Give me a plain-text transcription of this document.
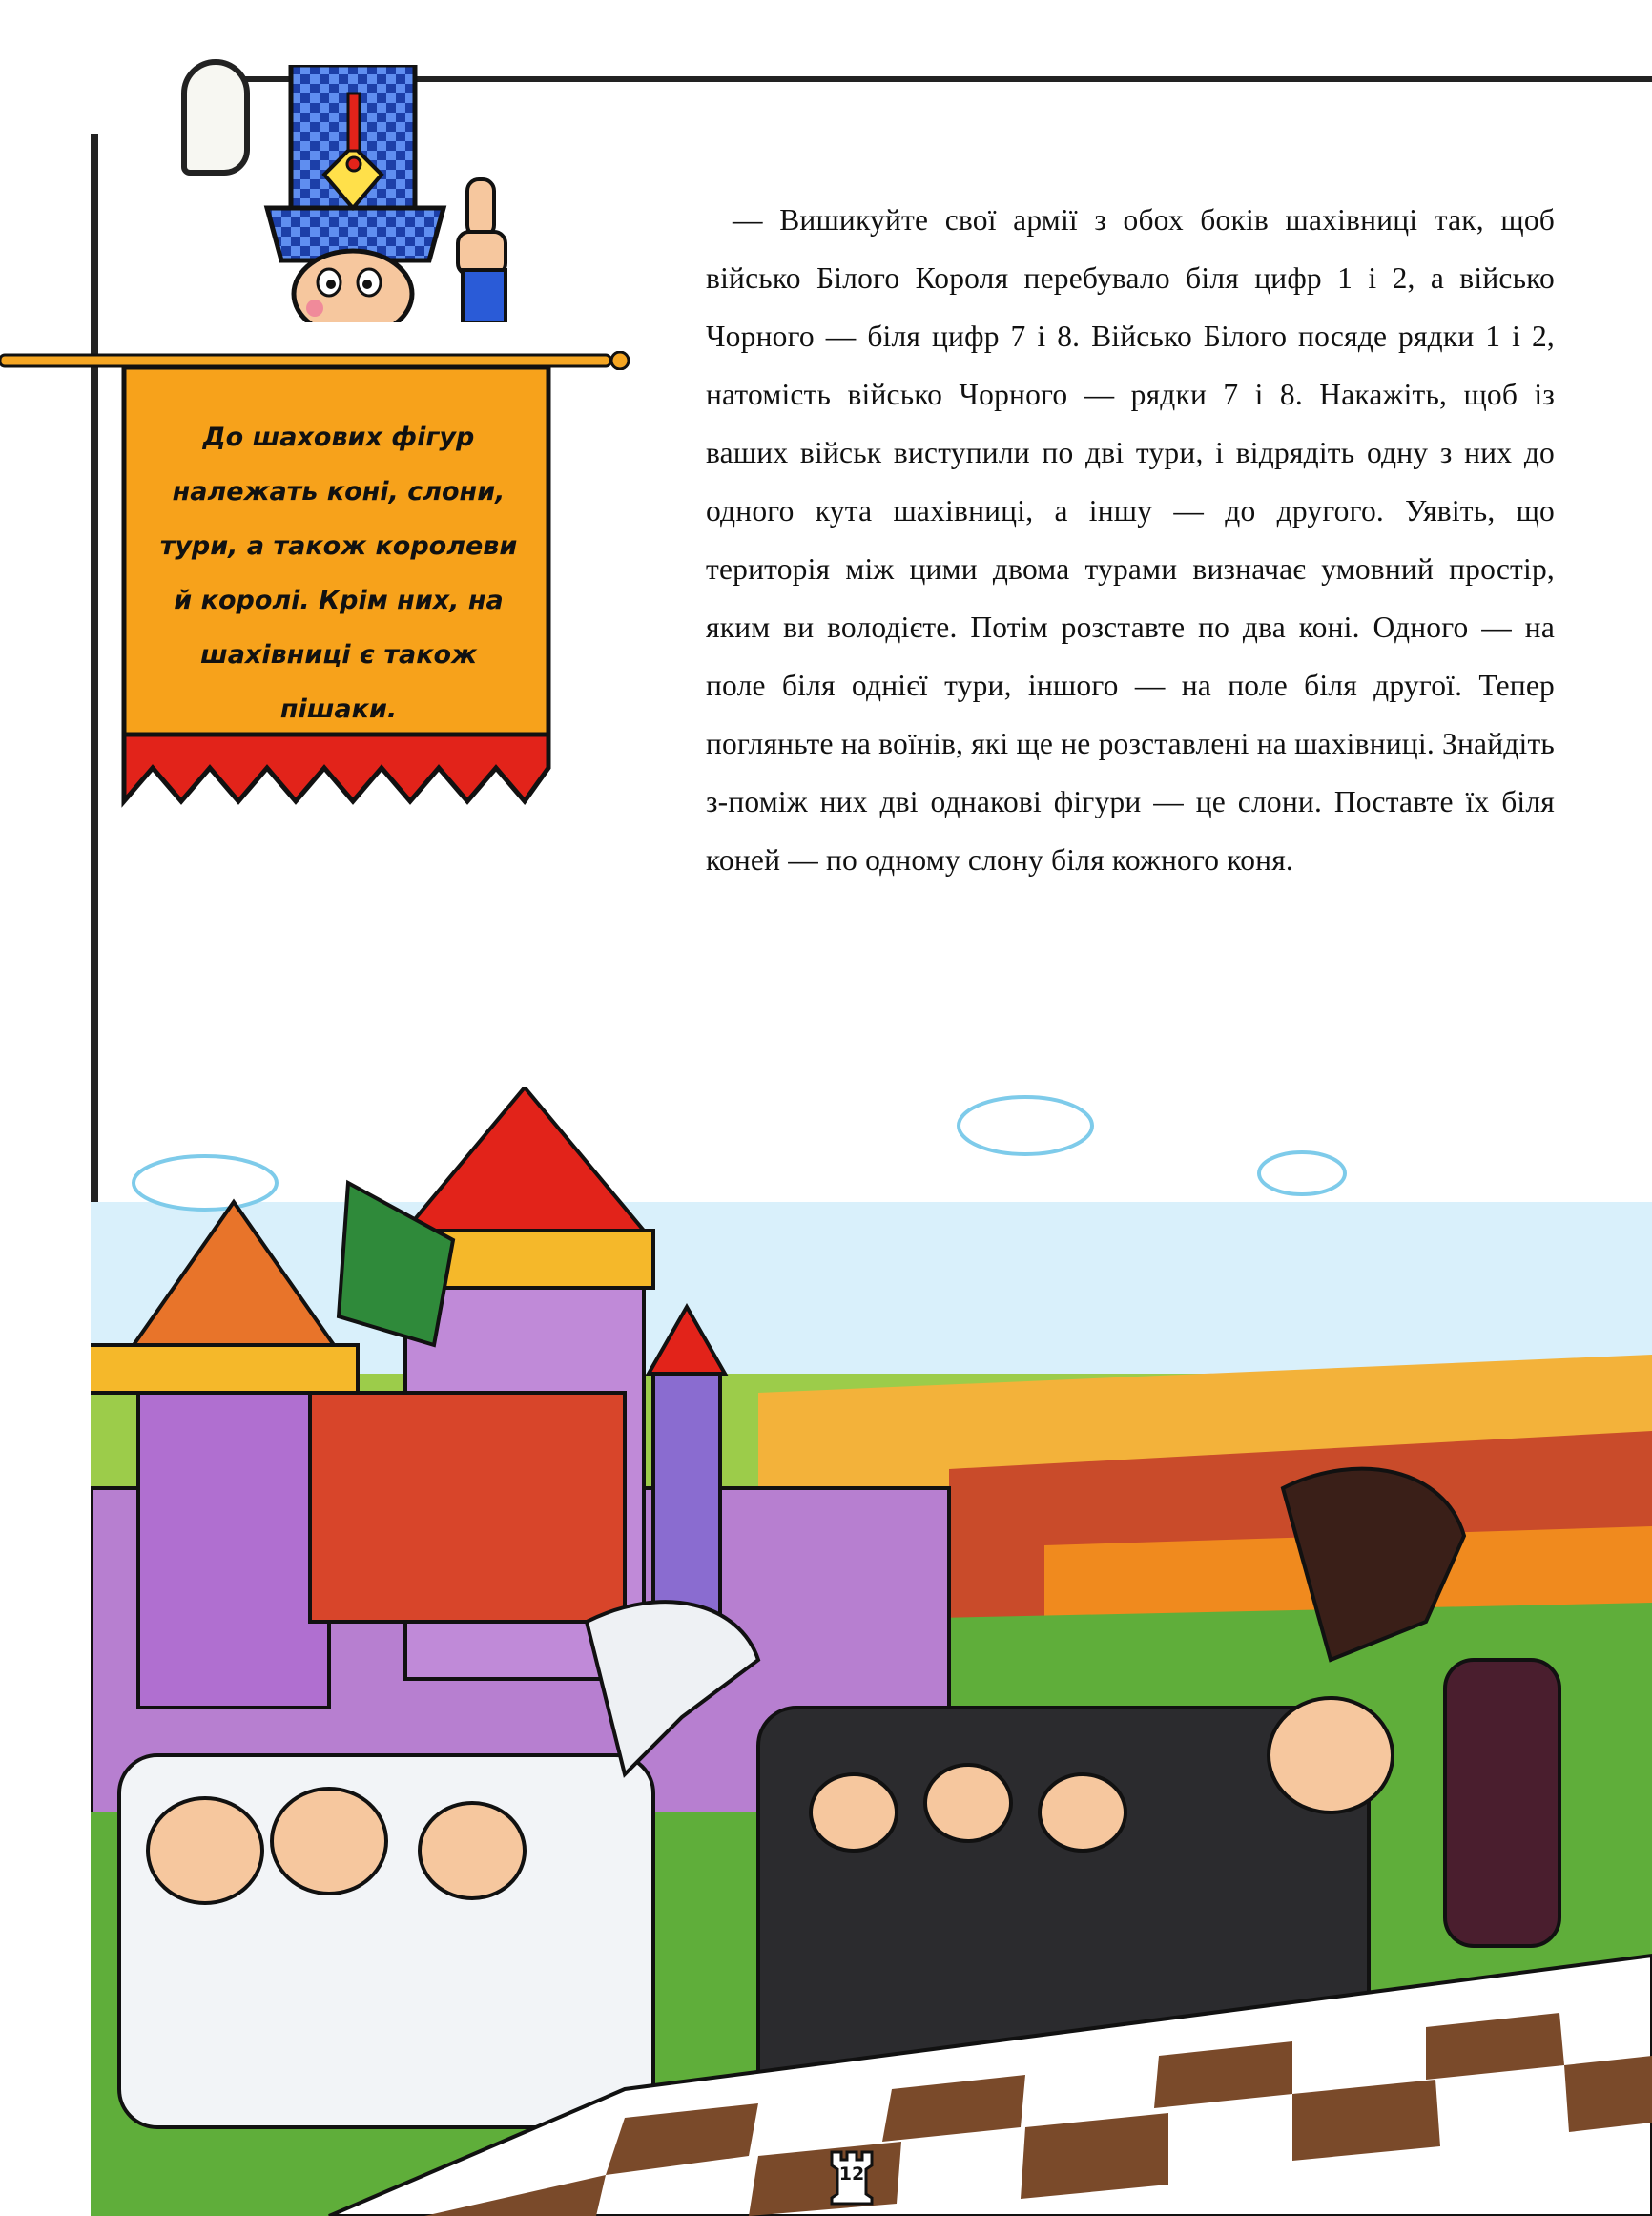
До шахових фігур належать коні, слони, тури, а також королеви й королі. Крім них, на шахівниці є також пішаки.

— Вишикуйте свої армії з обох боків шахівниці так, щоб військо Білого Короля перебувало біля цифр 1 і 2, а військо Чорного — біля цифр 7 і 8. Військо Білого посяде рядки 1 і 2, натомість військо Чорного — рядки 7 і 8. Накажіть, щоб із ваших військ виступили по дві тури, і відрядіть одну з них до одного кута шахівниці, а іншу — до другого. Уявіть, що територія між цими двома турами визначає умовний простір, яким ви володієте. Потім розставте по два коні. Одного — на поле біля однієї тури, іншого — на поле біля другої. Тепер погляньте на воїнів, які ще не розставлені на шахівниці. Знайдіть з-поміж них дві однакові фігури — це слони. Поставте їх біля коней — по одному слону біля кожного коня.

12
